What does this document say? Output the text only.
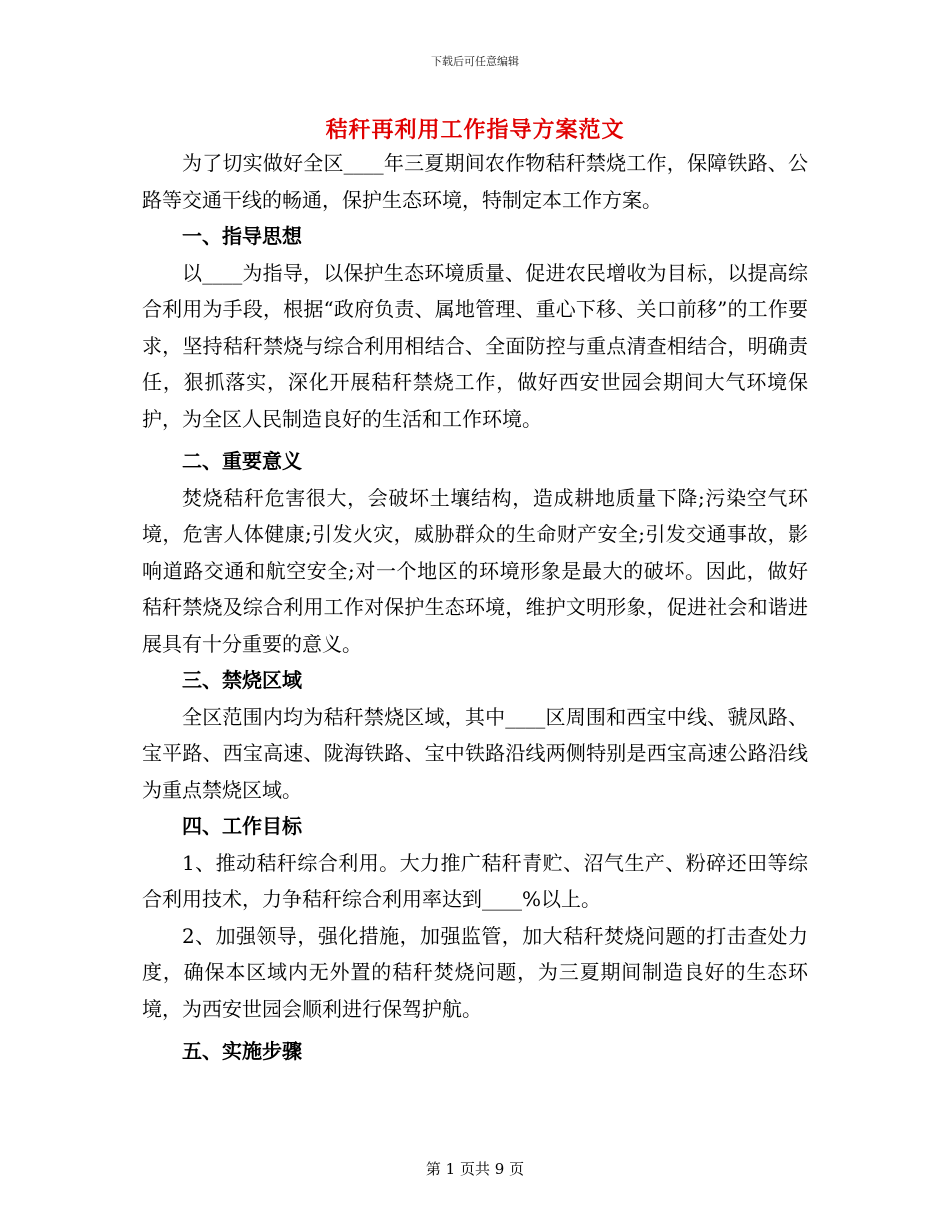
下载后可任意编辑
秸秆再利用工作指导方案范文

为了切实做好全区____年三夏期间农作物秸秆禁烧工作，保障铁路、公路等交通干线的畅通，保护生态环境，特制定本工作方案。

一、指导思想

以____为指导，以保护生态环境质量、促进农民增收为目标，以提高综合利用为手段，根据“政府负责、属地管理、重心下移、关口前移”的工作要求，坚持秸秆禁烧与综合利用相结合、全面防控与重点清查相结合，明确责任，狠抓落实，深化开展秸秆禁烧工作，做好西安世园会期间大气环境保护，为全区人民制造良好的生活和工作环境。

二、重要意义

焚烧秸秆危害很大，会破坏土壤结构，造成耕地质量下降;污染空气环境，危害人体健康;引发火灾，威胁群众的生命财产安全;引发交通事故，影响道路交通和航空安全;对一个地区的环境形象是最大的破坏。因此，做好秸秆禁烧及综合利用工作对保护生态环境，维护文明形象，促进社会和谐进展具有十分重要的意义。

三、禁烧区域

全区范围内均为秸秆禁烧区域，其中____区周围和西宝中线、虢凤路、宝平路、西宝高速、陇海铁路、宝中铁路沿线两侧特别是西宝高速公路沿线为重点禁烧区域。

四、工作目标

1、推动秸秆综合利用。大力推广秸秆青贮、沼气生产、粉碎还田等综合利用技术，力争秸秆综合利用率达到____%以上。

2、加强领导，强化措施，加强监管，加大秸秆焚烧问题的打击查处力度，确保本区域内无外置的秸秆焚烧问题，为三夏期间制造良好的生态环境，为西安世园会顺利进行保驾护航。

五、实施步骤
第 1 页共 9 页
